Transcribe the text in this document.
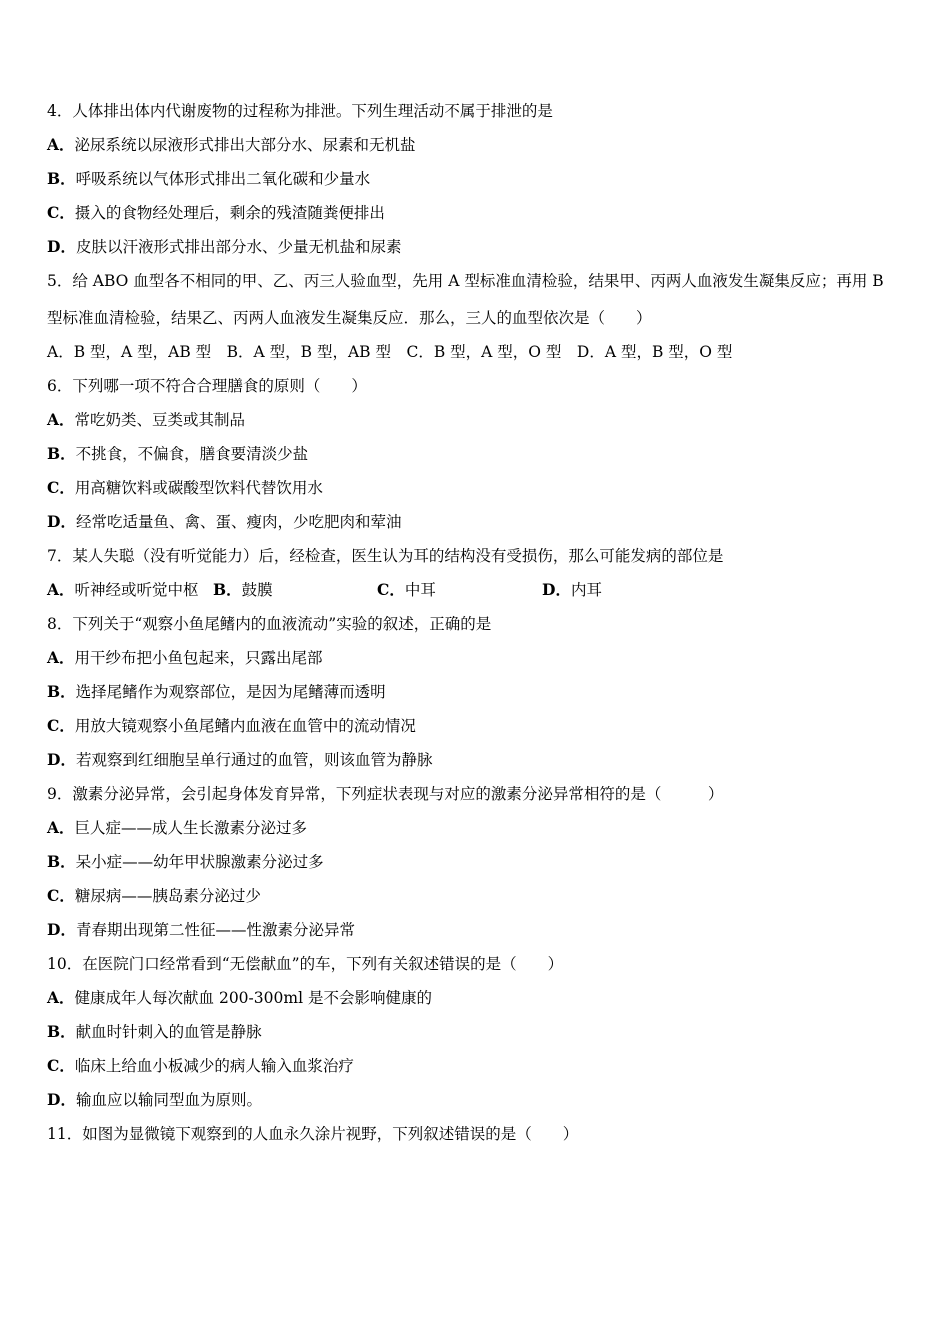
4．人体排出体内代谢废物的过程称为排泄。下列生理活动不属于排泄的是
A．泌尿系统以尿液形式排出大部分水、尿素和无机盐
B．呼吸系统以气体形式排出二氧化碳和少量水
C．摄入的食物经处理后，剩余的残渣随粪便排出
D．皮肤以汗液形式排出部分水、少量无机盐和尿素
5．给 ABO 血型各不相同的甲、乙、丙三人验血型，先用 A 型标准血清检验，结果甲、丙两人血液发生凝集反应；再用 B
型标准血清检验，结果乙、丙两人血液发生凝集反应．那么，三人的血型依次是（　　）
A．B 型，A 型，AB 型　B．A 型，B 型，AB 型　C．B 型，A 型，O 型　D．A 型，B 型，O 型
6．下列哪一项不符合合理膳食的原则（　　）
A．常吃奶类、豆类或其制品
B．不挑食，不偏食，膳食要清淡少盐
C．用高糖饮料或碳酸型饮料代替饮用水
D．经常吃适量鱼、禽、蛋、瘦肉，少吃肥肉和荤油
7．某人失聪（没有听觉能力）后，经检查，医生认为耳的结构没有受损伤，那么可能发病的部位是
A．听神经或听觉中枢 B．鼓膜	C．中耳	D．内耳
8．下列关于“观察小鱼尾鳍内的血液流动”实验的叙述，正确的是
A．用干纱布把小鱼包起来，只露出尾部
B．选择尾鳍作为观察部位，是因为尾鳍薄而透明
C．用放大镜观察小鱼尾鳍内血液在血管中的流动情况
D．若观察到红细胞呈单行通过的血管，则该血管为静脉
9．激素分泌异常，会引起身体发育异常，下列症状表现与对应的激素分泌异常相符的是（　　　）
A．巨人症——成人生长激素分泌过多
B．呆小症——幼年甲状腺激素分泌过多
C．糖尿病——胰岛素分泌过少
D．青春期出现第二性征——性激素分泌异常
10．在医院门口经常看到“无偿献血”的车，下列有关叙述错误的是（　　）
A．健康成年人每次献血 200-300ml 是不会影响健康的
B．献血时针刺入的血管是静脉
C．临床上给血小板减少的病人输入血浆治疗
D．输血应以输同型血为原则。
11．如图为显微镜下观察到的人血永久涂片视野，下列叙述错误的是（　　）
